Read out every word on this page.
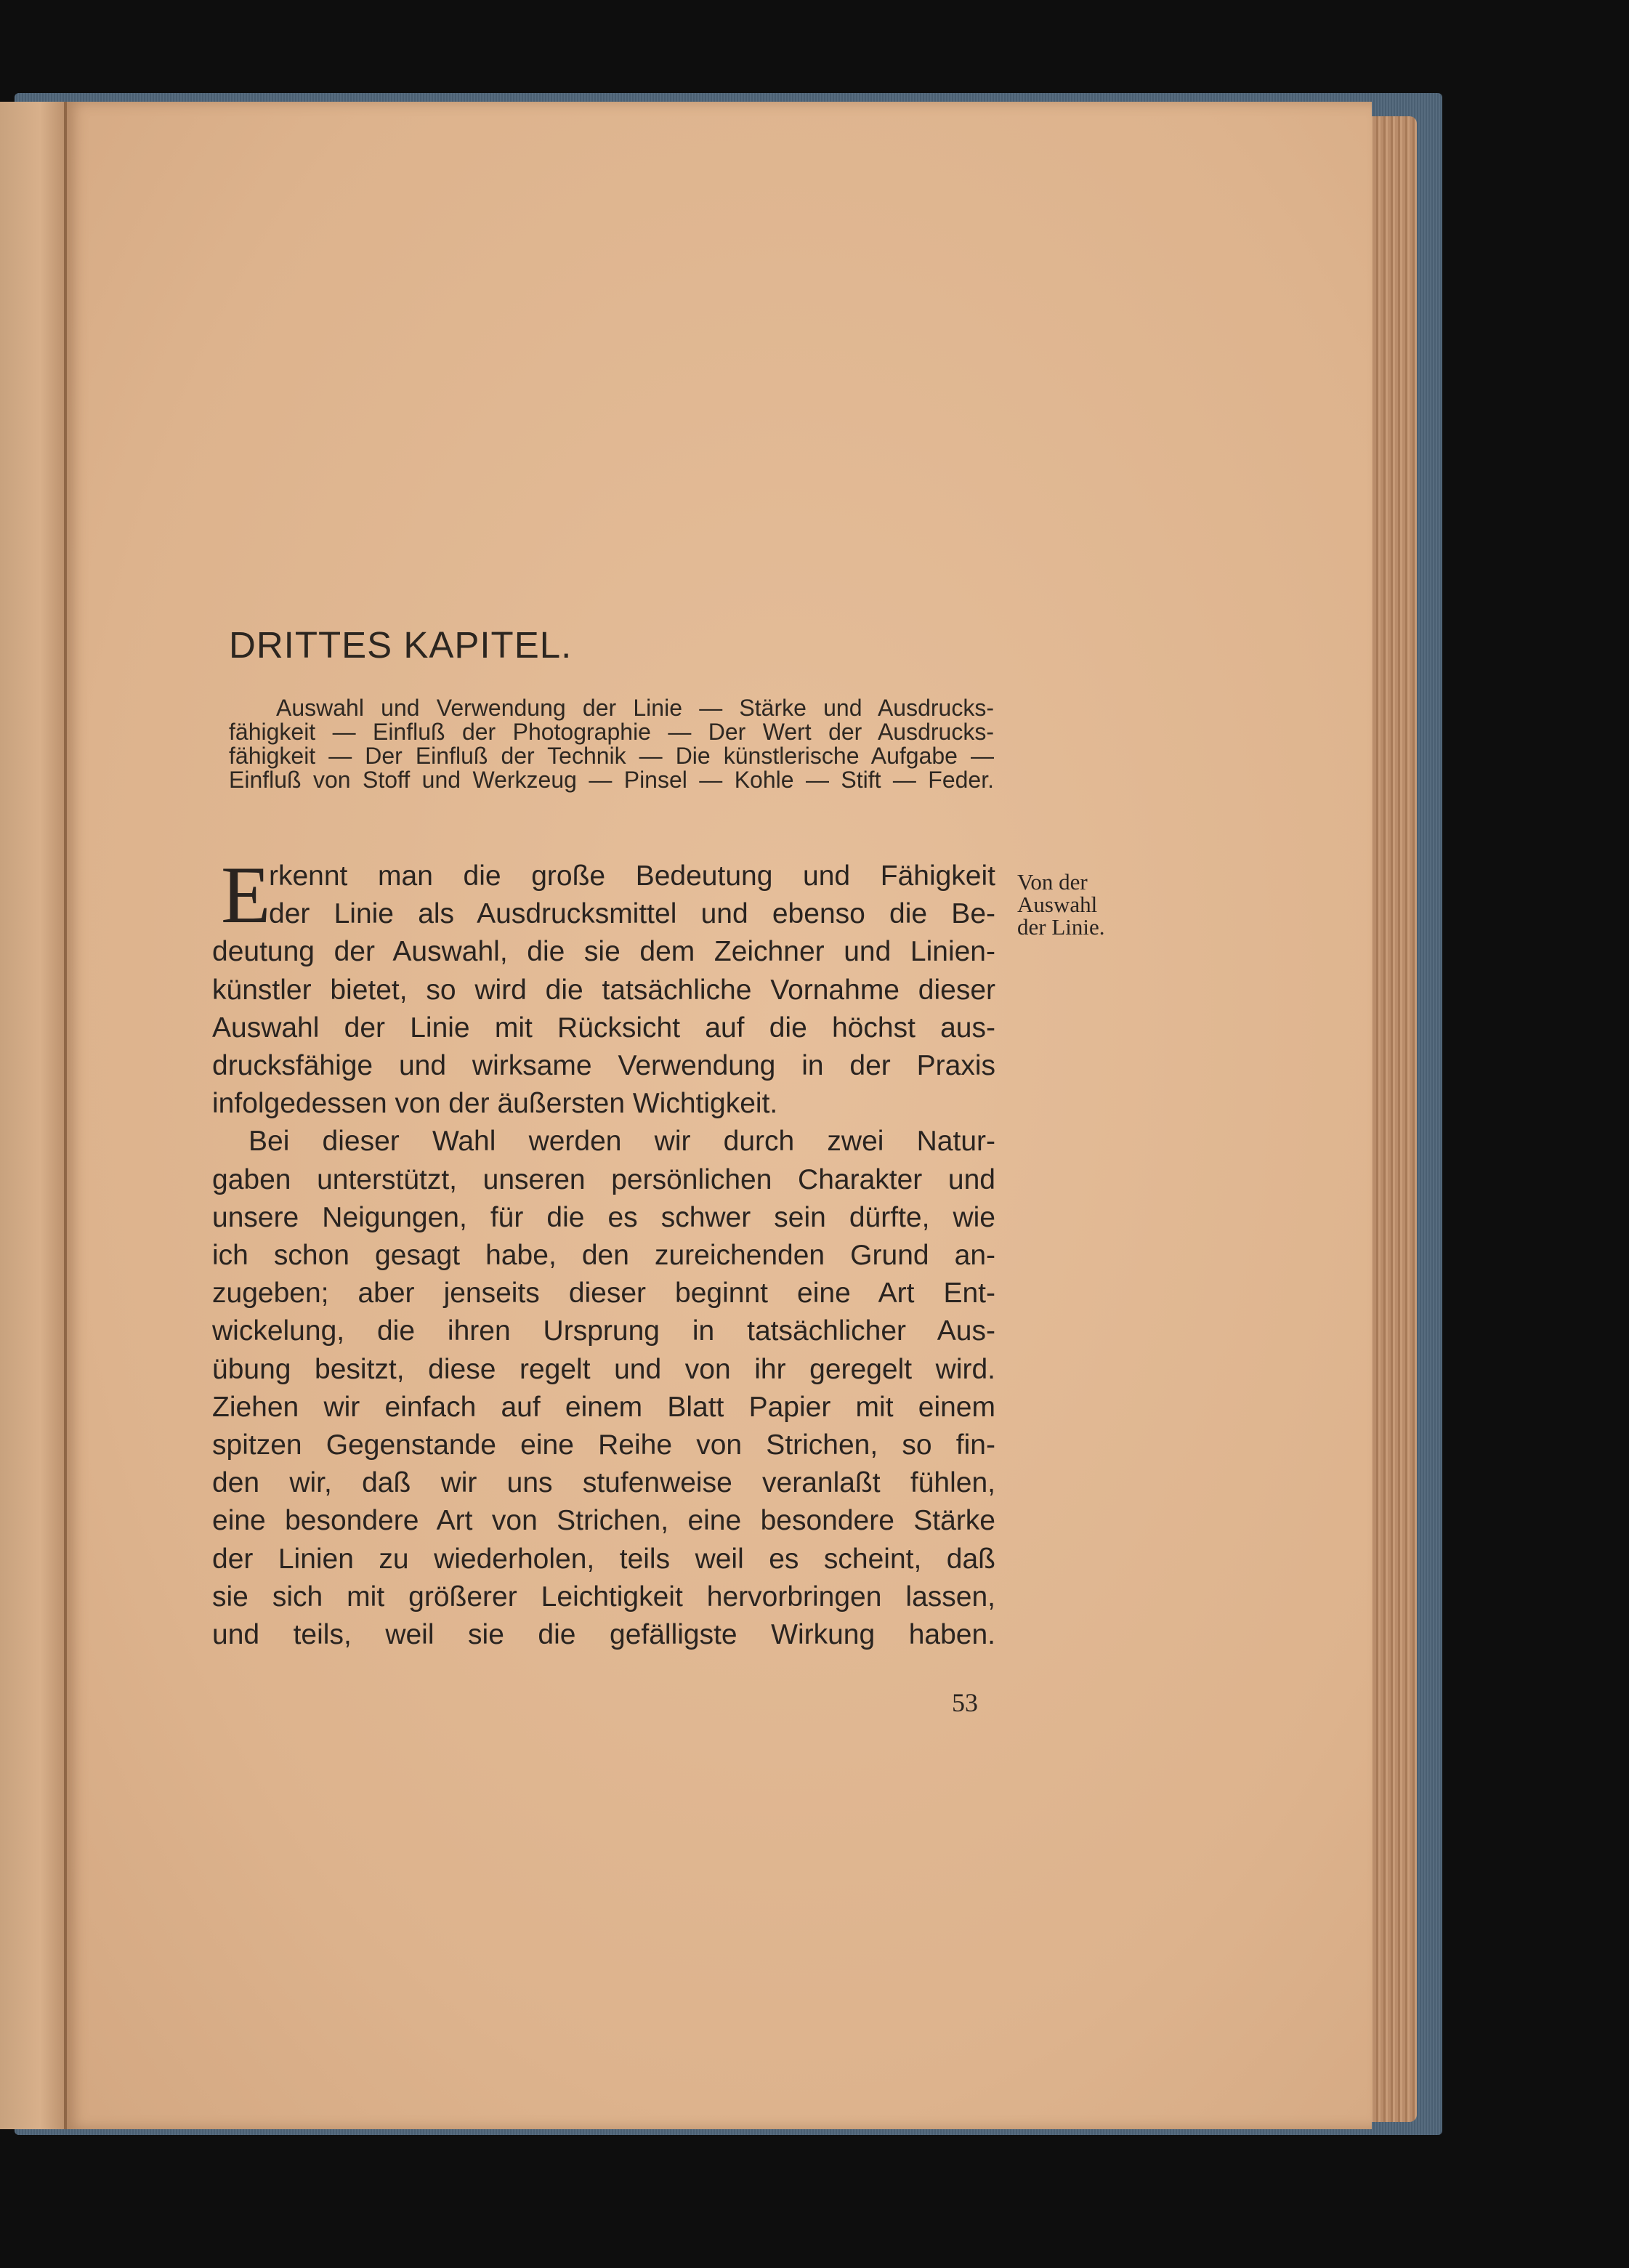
DRITTES KAPITEL.
Auswahl und Verwendung der Linie — Stärke und Ausdrucks-
fähigkeit — Einfluß der Photographie — Der Wert der Ausdrucks-
fähigkeit — Der Einfluß der Technik — Die künstlerische Aufgabe —
Einfluß von Stoff und Werkzeug — Pinsel — Kohle — Stift — Feder.
E
rkennt man die große Bedeutung und Fähigkeit
der Linie als Ausdrucksmittel und ebenso die Be-
deutung der Auswahl, die sie dem Zeichner und Linien-
künstler bietet, so wird die tatsächliche Vornahme dieser
Auswahl der Linie mit Rücksicht auf die höchst aus-
drucksfähige und wirksame Verwendung in der Praxis
infolgedessen von der äußersten Wichtigkeit.
Bei dieser Wahl werden wir durch zwei Natur-
gaben unterstützt, unseren persönlichen Charakter und
unsere Neigungen, für die es schwer sein dürfte, wie
ich schon gesagt habe, den zureichenden Grund an-
zugeben; aber jenseits dieser beginnt eine Art Ent-
wickelung, die ihren Ursprung in tatsächlicher Aus-
übung besitzt, diese regelt und von ihr geregelt wird.
Ziehen wir einfach auf einem Blatt Papier mit einem
spitzen Gegenstande eine Reihe von Strichen, so fin-
den wir, daß wir uns stufenweise veranlaßt fühlen,
eine besondere Art von Strichen, eine besondere Stärke
der Linien zu wiederholen, teils weil es scheint, daß
sie sich mit größerer Leichtigkeit hervorbringen lassen,
und teils, weil sie die gefälligste Wirkung haben.
Von der
Auswahl
der Linie.
53
